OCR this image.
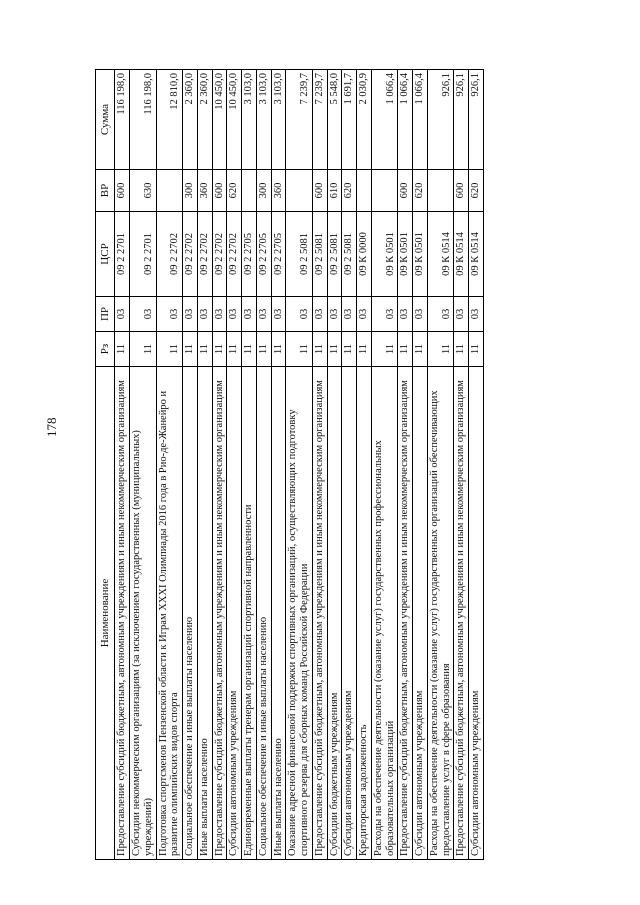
178
Наименование	Рз	ПР	ЦСР	ВР	Сумма
Предоставление субсидий бюджетным, автономным учреждениям и иным некоммерческим организациям	11	03	09 2 2701	600	116 198,0
Субсидии некоммерческим организациям (за исключением государственных (муниципальных) учреждений)	11	03	09 2 2701	630	116 198,0
Подготовка спортсменов Пензенской области к Играм XXXI Олимпиады 2016 года в Рио-де-Жанейро и развитие олимпийских видов спорта	11	03	09 2 2702		12 810,0
Социальное обеспечение и иные выплаты населению	11	03	09 2 2702	300	2 360,0
Иные выплаты населению	11	03	09 2 2702	360	2 360,0
Предоставление субсидий бюджетным, автономным учреждениям и иным некоммерческим организациям	11	03	09 2 2702	600	10 450,0
Субсидии автономным учреждениям	11	03	09 2 2702	620	10 450,0
Единовременные выплаты тренерам организаций спортивной направленности	11	03	09 2 2705		3 103,0
Социальное обеспечение и иные выплаты населению	11	03	09 2 2705	300	3 103,0
Иные выплаты населению	11	03	09 2 2705	360	3 103,0
Оказание адресной финансовой поддержки спортивных организаций, осуществляющих подготовку спортивного резерва для сборных команд Российской Федерации	11	03	09 2 5081		7 239,7
Предоставление субсидий бюджетным, автономным учреждениям и иным некоммерческим организациям	11	03	09 2 5081	600	7 239,7
Субсидии бюджетным учреждениям	11	03	09 2 5081	610	5 548,0
Субсидии автономным учреждениям	11	03	09 2 5081	620	1 691,7
Кредиторская задолженность	11	03	09 К 0000		2 030,9
Расходы на обеспечение деятельности (оказание услуг) государственных профессиональных образовательных организаций	11	03	09 К 0501		1 066,4
Предоставление субсидий бюджетным, автономным учреждениям и иным некоммерческим организациям	11	03	09 К 0501	600	1 066,4
Субсидии автономным учреждениям	11	03	09 К 0501	620	1 066,4
Расходы на обеспечение деятельности (оказание услуг) государственных организаций обеспечивающих предоставление услуг в сфере образования	11	03	09 К 0514		926,1
Предоставление субсидий бюджетным, автономным учреждениям и иным некоммерческим организациям	11	03	09 К 0514	600	926,1
Субсидии автономным учреждениям	11	03	09 К 0514	620	926,1
